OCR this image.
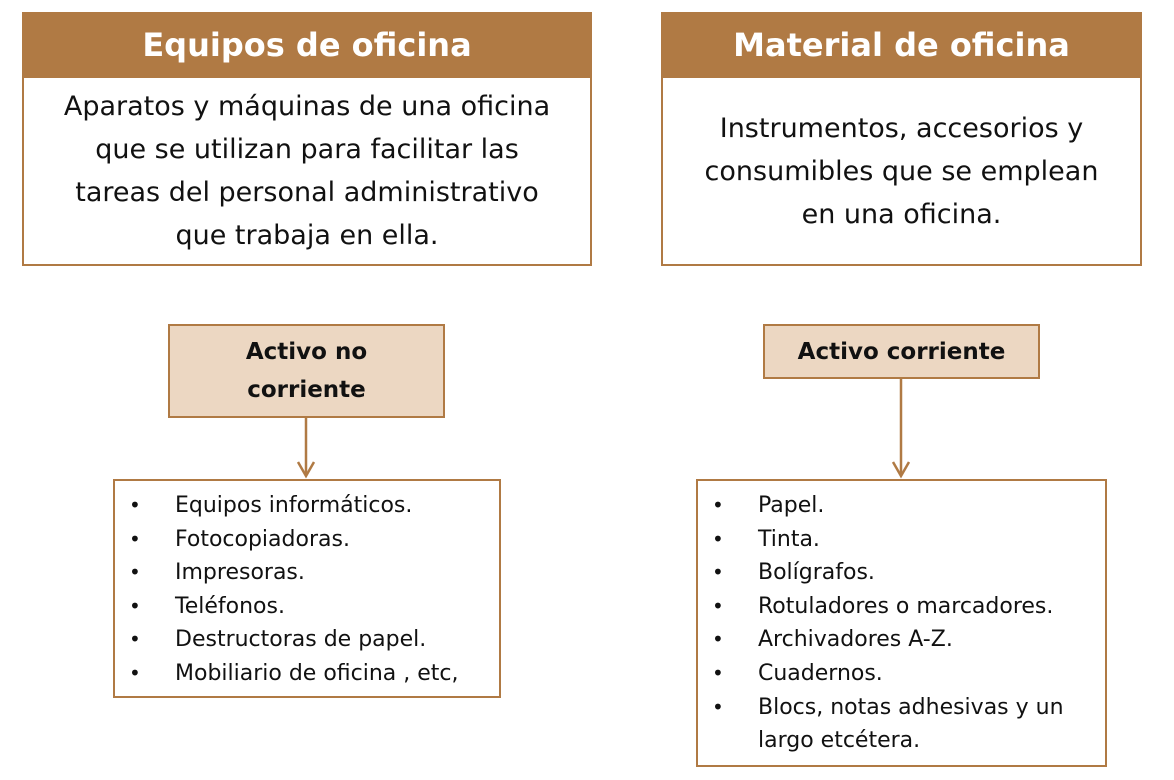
Equipos de oficina
Aparatos y máquinas de una oficina
que se utilizan para facilitar las
tareas del personal administrativo
que trabaja en ella.
Activo no
corriente
• Equipos informáticos.
• Fotocopiadoras.
• Impresoras.
• Teléfonos.
• Destructoras de papel.
• Mobiliario de oficina , etc,
Material de oficina
Instrumentos, accesorios y
consumibles que se emplean
en una oficina.
Activo corriente
• Papel.
• Tinta.
• Bolígrafos.
• Rotuladores o marcadores.
• Archivadores A-Z.
• Cuadernos.
• Blocs, notas adhesivas y un
largo etcétera.
